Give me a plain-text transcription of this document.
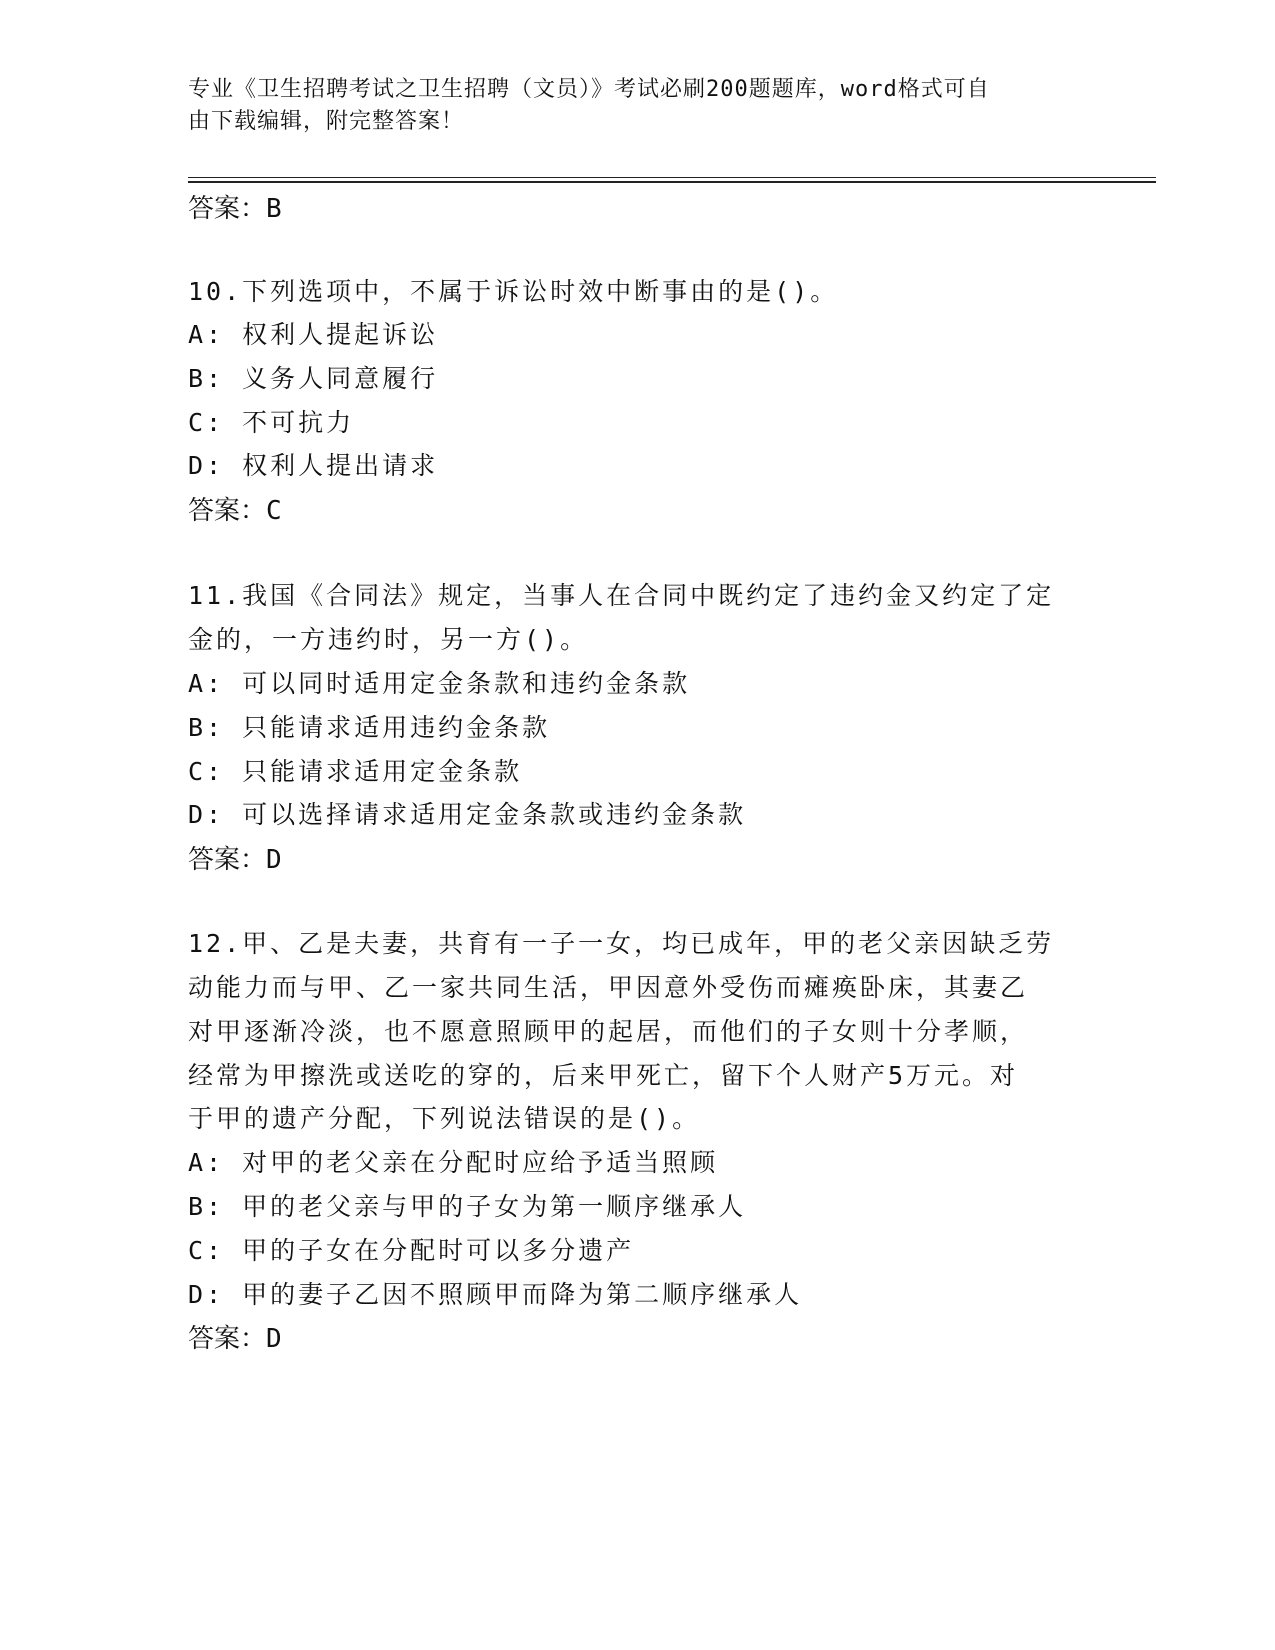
专业《卫生招聘考试之卫生招聘（文员）》考试必刷200题题库，word格式可自
由下载编辑，附完整答案！
答案：B
10.下列选项中，不属于诉讼时效中断事由的是()。
A: 权利人提起诉讼
B: 义务人同意履行
C: 不可抗力
D: 权利人提出请求
答案：C
11.我国《合同法》规定，当事人在合同中既约定了违约金又约定了定
金的，一方违约时，另一方()。
A: 可以同时适用定金条款和违约金条款
B: 只能请求适用违约金条款
C: 只能请求适用定金条款
D: 可以选择请求适用定金条款或违约金条款
答案：D
12.甲、乙是夫妻，共育有一子一女，均已成年，甲的老父亲因缺乏劳
动能力而与甲、乙一家共同生活，甲因意外受伤而瘫痪卧床，其妻乙
对甲逐渐冷淡，也不愿意照顾甲的起居，而他们的子女则十分孝顺，
经常为甲擦洗或送吃的穿的，后来甲死亡，留下个人财产5万元。对
于甲的遗产分配，下列说法错误的是()。
A: 对甲的老父亲在分配时应给予适当照顾
B: 甲的老父亲与甲的子女为第一顺序继承人
C: 甲的子女在分配时可以多分遗产
D: 甲的妻子乙因不照顾甲而降为第二顺序继承人
答案：D
